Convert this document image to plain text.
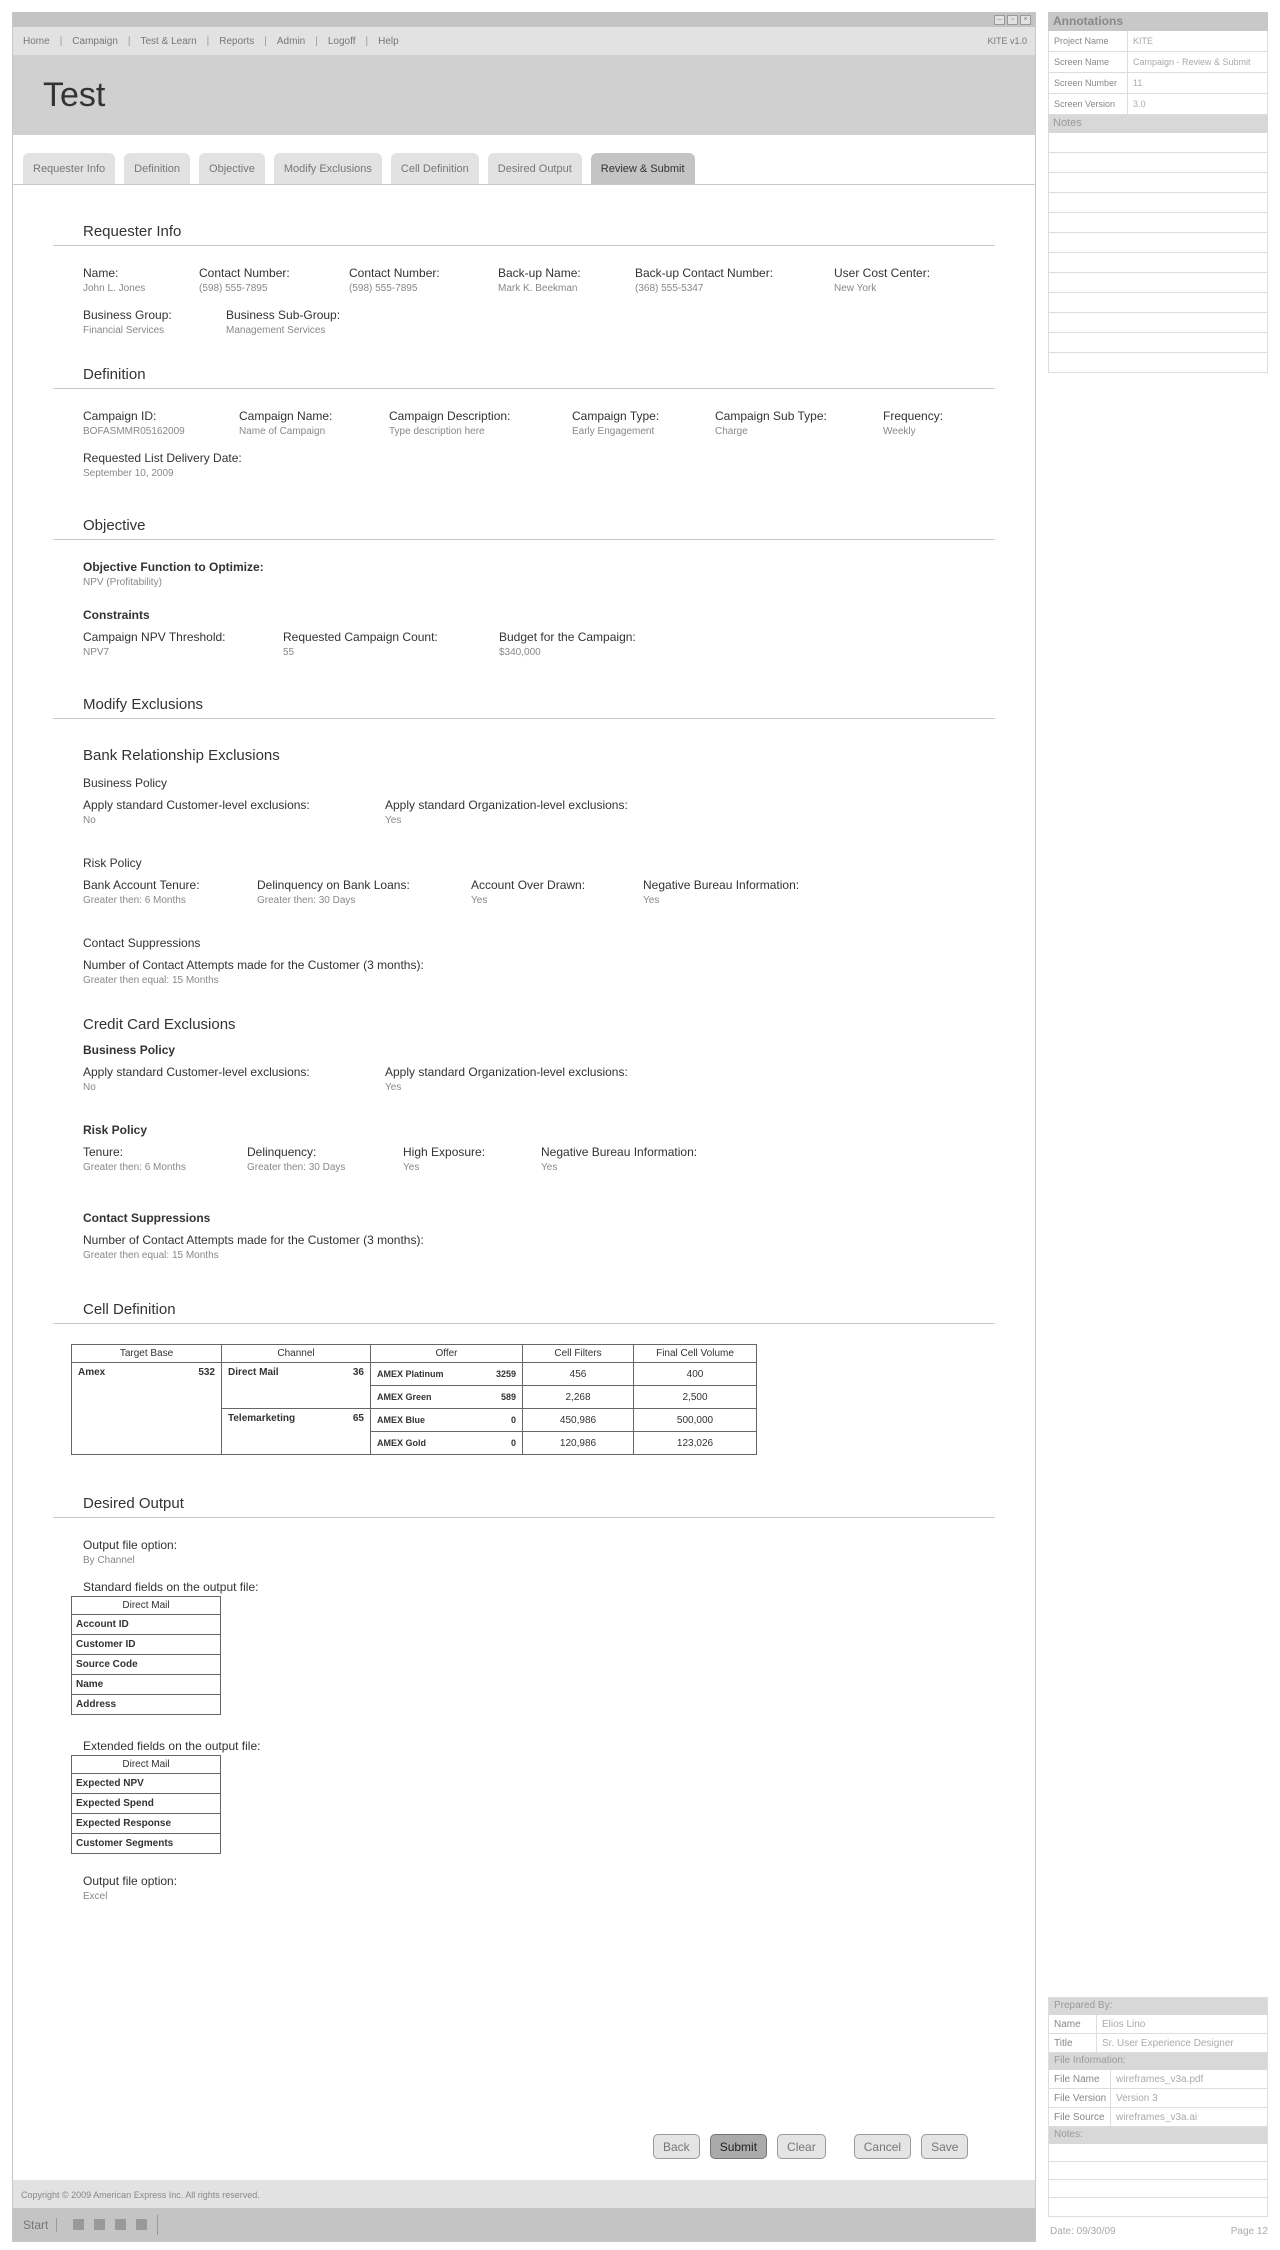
–	▫	×
Home | Campaign | Test & Learn | Reports | Admin | Logoff | Help	KITE v1.0
Test
Requester Info	Definition	Objective	Modify Exclusions	Cell Definition	Desired Output	Review & Submit
Requester Info
Name:
John L. Jones
Contact Number:
(598) 555-7895
Contact Number:
(598) 555-7895
Back-up Name:
Mark K. Beekman
Back-up Contact Number:
(368) 555-5347
User Cost Center:
New York
Business Group:
Financial Services
Business Sub-Group:
Management Services
Definition
Campaign ID:
BOFASMMR05162009
Campaign Name:
Name of Campaign
Campaign Description:
Type description here
Campaign Type:
Early Engagement
Campaign Sub Type:
Charge
Frequency:
Weekly
Requested List Delivery Date:
September 10, 2009
Objective
Objective Function to Optimize:
NPV (Profitability)
Constraints
Campaign NPV Threshold:
NPV7
Requested Campaign Count:
55
Budget for the Campaign:
$340,000
Modify Exclusions
Bank Relationship Exclusions
Business Policy
Apply standard Customer-level exclusions:
No
Apply standard Organization-level exclusions:
Yes
Risk Policy
Bank Account Tenure:
Greater then: 6 Months
Delinquency on Bank Loans:
Greater then: 30 Days
Account Over Drawn:
Yes
Negative Bureau Information:
Yes
Contact Suppressions
Number of Contact Attempts made for the Customer (3 months):
Greater then equal: 15 Months
Credit Card Exclusions
Business Policy
Apply standard Customer-level exclusions:
No
Apply standard Organization-level exclusions:
Yes
Risk Policy
Tenure:
Greater then: 6 Months
Delinquency:
Greater then: 30 Days
High Exposure:
Yes
Negative Bureau Information:
Yes
Contact Suppressions
Number of Contact Attempts made for the Customer (3 months):
Greater then equal: 15 Months
Cell Definition
Target Base	Channel	Offer	Cell Filters	Final Cell Volume

Amex 532	Direct Mail 36	AMEX Platinum 3259	456	400

		AMEX Green 589	2,268	2,500

	Telemarketing 65	AMEX Blue 0	450,986	500,000

		AMEX Gold 0	120,986	123,026
Desired Output
Output file option:
By Channel
Standard fields on the output file:
Direct Mail
Account ID
Customer ID
Source Code
Name
Address
Extended fields on the output file:
Direct Mail
Expected NPV
Expected Spend
Expected Response
Customer Segments
Output file option:
Excel
Back	Submit	Clear	Cancel	Save
Copyright © 2009 American Express Inc. All rights reserved.
Start
Annotations
Project Name	KITE
Screen Name	Campaign - Review & Submit
Screen Number	11
Screen Version	3.0
Notes
Prepared By:
Name	Elios Lino
Title	Sr. User Experience Designer
File Information:
File Name	wireframes_v3a.pdf
File Version Version 3
File Source	wireframes_v3a.ai
Notes:
Date: 09/30/09	Page 12
